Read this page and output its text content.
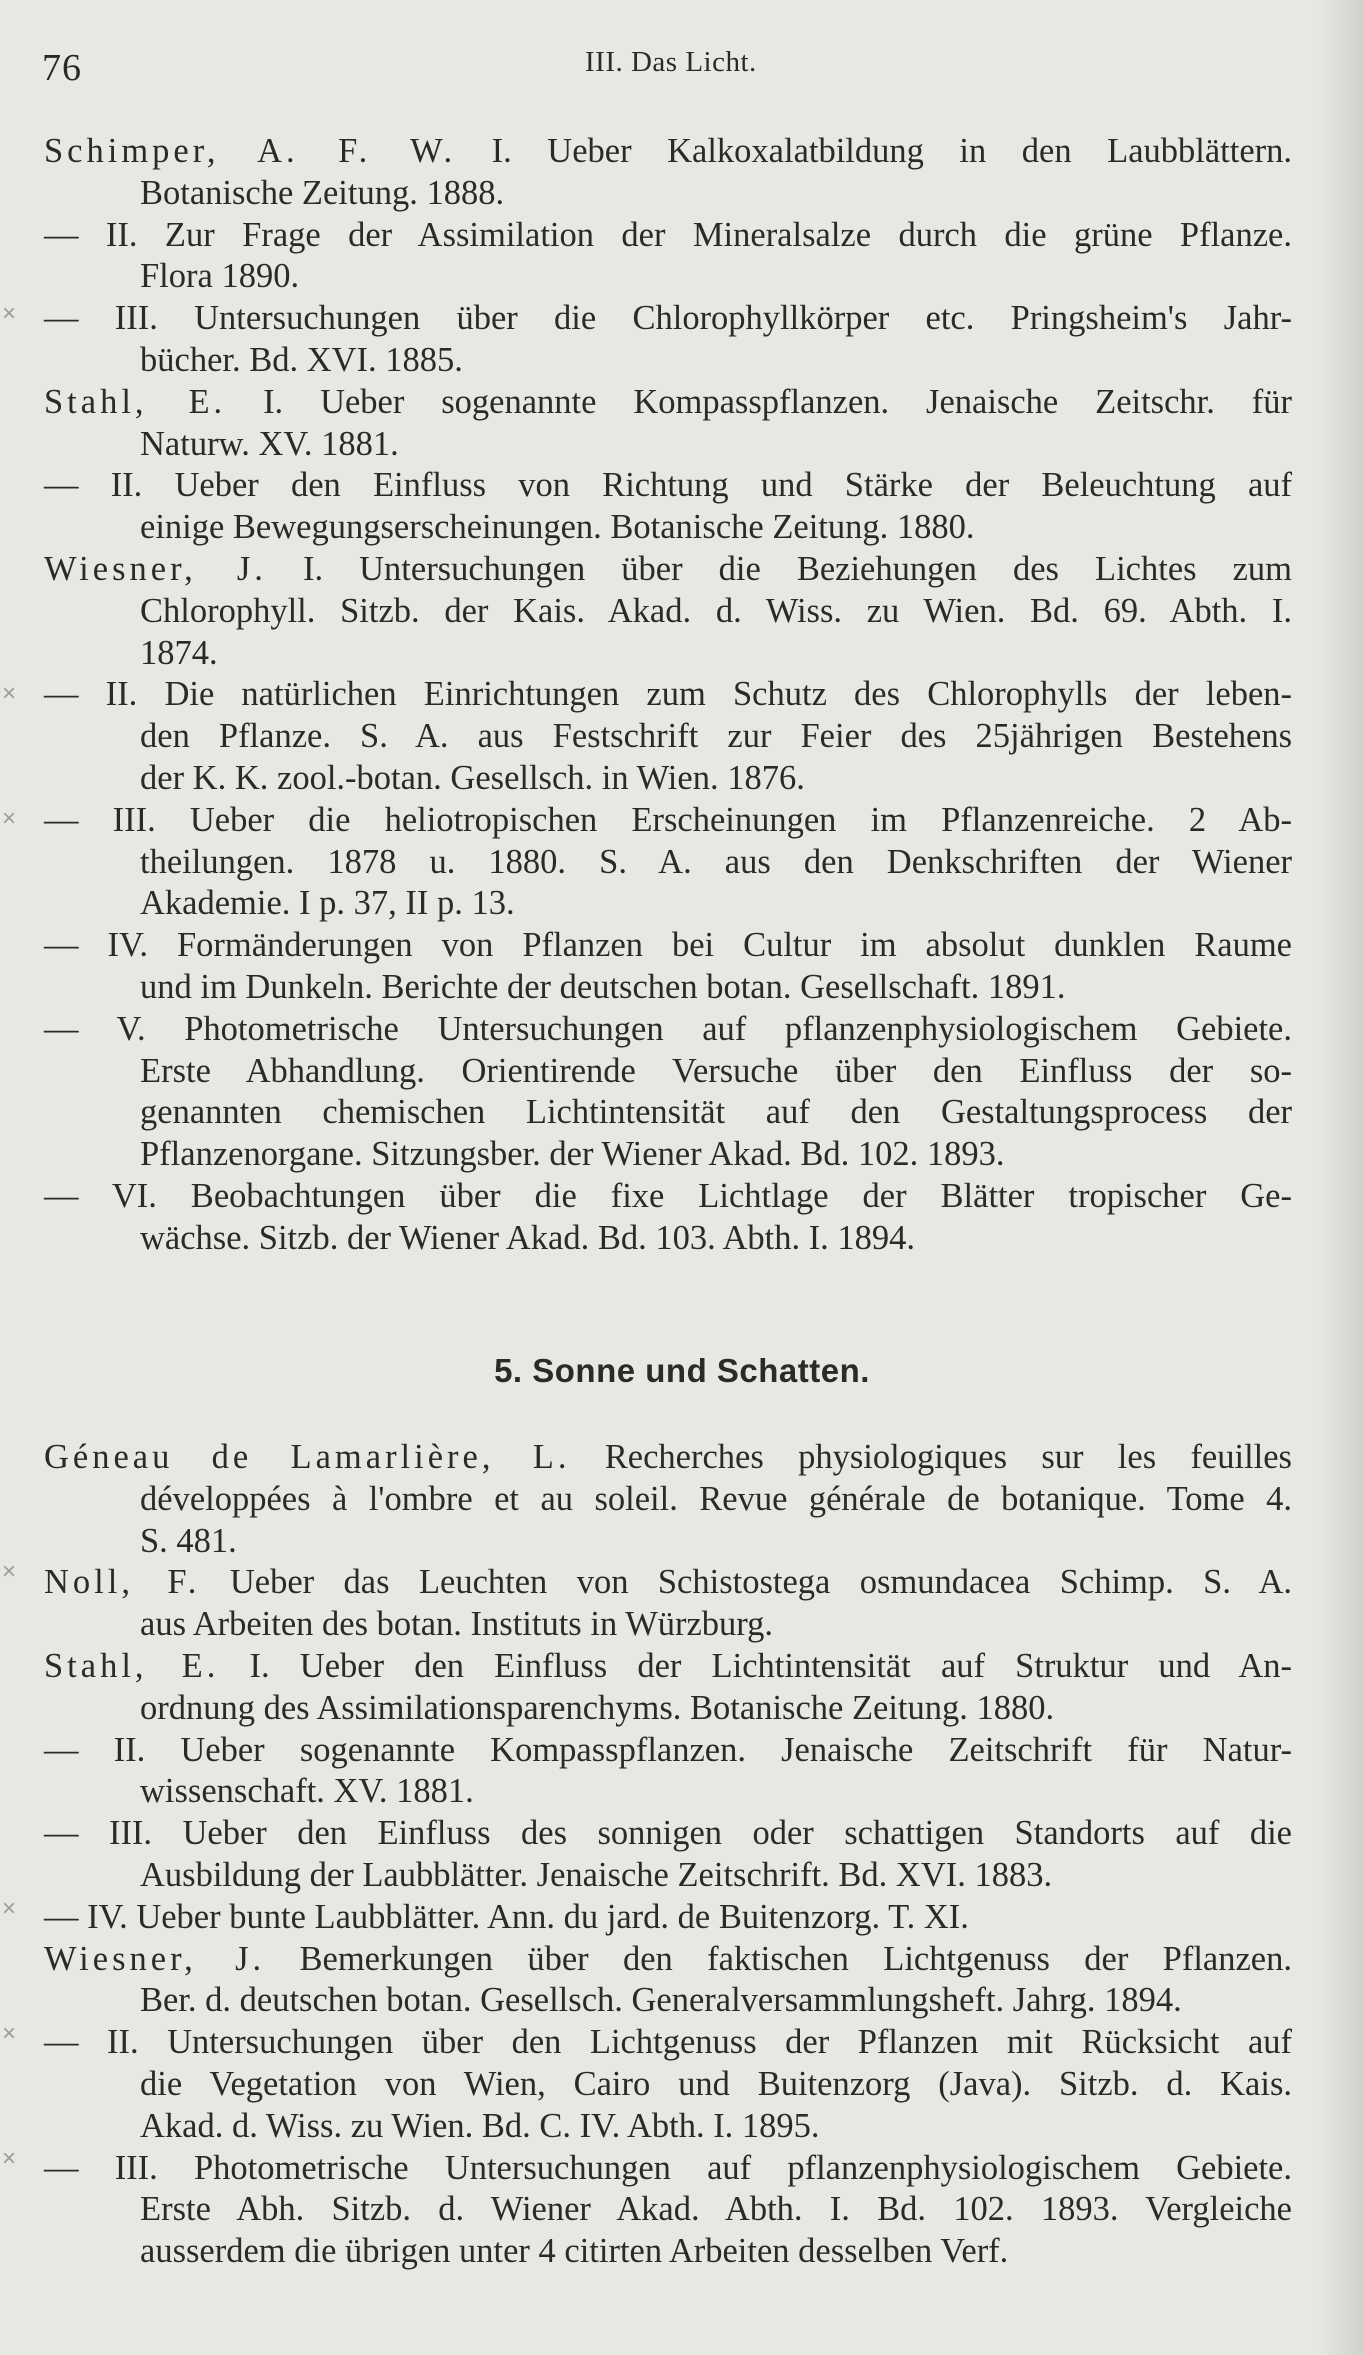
76	III. Das Licht.
Schimper, A. F. W. I. Ueber Kalkoxalatbildung in den Laubblättern.
Botanische Zeitung. 1888.
— II. Zur Frage der Assimilation der Mineralsalze durch die grüne Pflanze.
Flora 1890.
— III. Untersuchungen über die Chlorophyllkörper etc. Pringsheim's Jahr-
bücher. Bd. XVI. 1885.
Stahl, E. I. Ueber sogenannte Kompasspflanzen. Jenaische Zeitschr. für
Naturw. XV. 1881.
— II. Ueber den Einfluss von Richtung und Stärke der Beleuchtung auf
einige Bewegungserscheinungen. Botanische Zeitung. 1880.
Wiesner, J. I. Untersuchungen über die Beziehungen des Lichtes zum
Chlorophyll. Sitzb. der Kais. Akad. d. Wiss. zu Wien. Bd. 69. Abth. I.
1874.
— II. Die natürlichen Einrichtungen zum Schutz des Chlorophylls der leben-
den Pflanze. S. A. aus Festschrift zur Feier des 25jährigen Bestehens
der K. K. zool.-botan. Gesellsch. in Wien. 1876.
— III. Ueber die heliotropischen Erscheinungen im Pflanzenreiche. 2 Ab-
theilungen. 1878 u. 1880. S. A. aus den Denkschriften der Wiener
Akademie. I p. 37, II p. 13.
— IV. Formänderungen von Pflanzen bei Cultur im absolut dunklen Raume
und im Dunkeln. Berichte der deutschen botan. Gesellschaft. 1891.
— V. Photometrische Untersuchungen auf pflanzenphysiologischem Gebiete.
Erste Abhandlung. Orientirende Versuche über den Einfluss der so-
genannten chemischen Lichtintensität auf den Gestaltungsprocess der
Pflanzenorgane. Sitzungsber. der Wiener Akad. Bd. 102. 1893.
— VI. Beobachtungen über die fixe Lichtlage der Blätter tropischer Ge-
wächse. Sitzb. der Wiener Akad. Bd. 103. Abth. I. 1894.
5. Sonne und Schatten.
Géneau de Lamarlière, L. Recherches physiologiques sur les feuilles
développées à l'ombre et au soleil. Revue générale de botanique. Tome 4.
S. 481.
Noll, F. Ueber das Leuchten von Schistostega osmundacea Schimp. S. A.
aus Arbeiten des botan. Instituts in Würzburg.
Stahl, E. I. Ueber den Einfluss der Lichtintensität auf Struktur und An-
ordnung des Assimilationsparenchyms. Botanische Zeitung. 1880.
— II. Ueber sogenannte Kompasspflanzen. Jenaische Zeitschrift für Natur-
wissenschaft. XV. 1881.
— III. Ueber den Einfluss des sonnigen oder schattigen Standorts auf die
Ausbildung der Laubblätter. Jenaische Zeitschrift. Bd. XVI. 1883.
— IV. Ueber bunte Laubblätter. Ann. du jard. de Buitenzorg. T. XI.
Wiesner, J. Bemerkungen über den faktischen Lichtgenuss der Pflanzen.
Ber. d. deutschen botan. Gesellsch. Generalversammlungsheft. Jahrg. 1894.
— II. Untersuchungen über den Lichtgenuss der Pflanzen mit Rücksicht auf
die Vegetation von Wien, Cairo und Buitenzorg (Java). Sitzb. d. Kais.
Akad. d. Wiss. zu Wien. Bd. C. IV. Abth. I. 1895.
— III. Photometrische Untersuchungen auf pflanzenphysiologischem Gebiete.
Erste Abh. Sitzb. d. Wiener Akad. Abth. I. Bd. 102. 1893. Vergleiche
ausserdem die übrigen unter 4 citirten Arbeiten desselben Verf.
×
×
×
×
×
×
×
